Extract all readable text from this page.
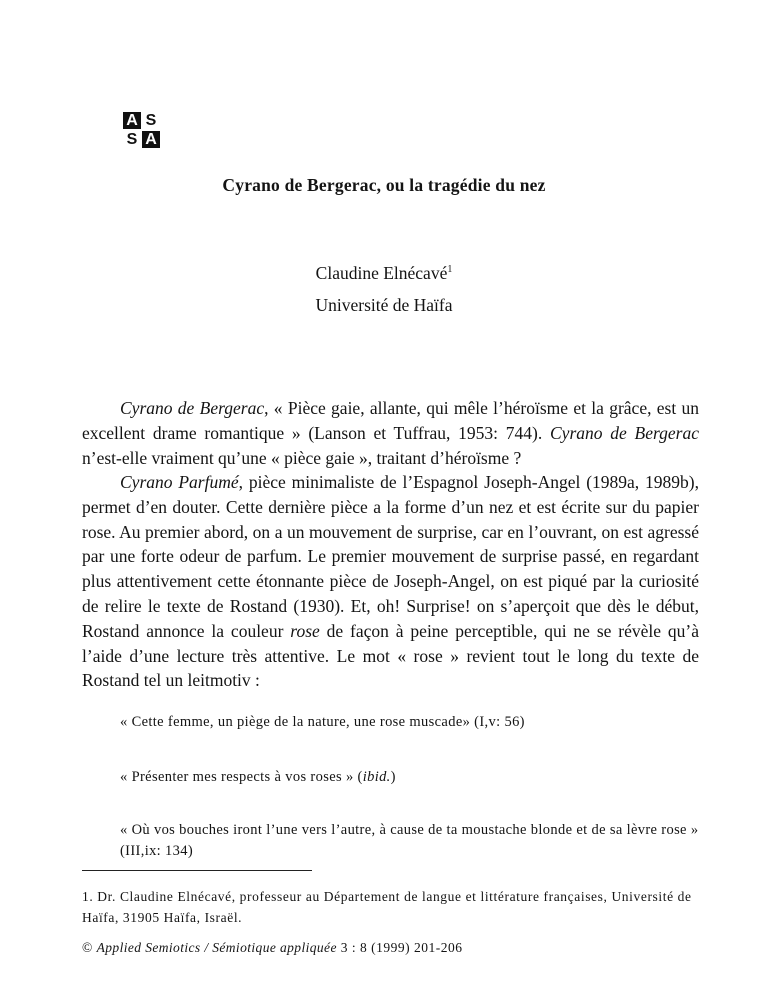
A S
S A
Cyrano de Bergerac, ou la tragédie du nez
Claudine Elnécavé$^1$
Université de Haïfa

Cyrano de Bergerac, « Pièce gaie, allante, qui mêle l’héroïsme et la grâce, est un excellent drame romantique » (Lanson et Tuffrau, 1953: 744). Cyrano de Bergerac n’est-elle vraiment qu’une « pièce gaie », traitant d’héroïsme ?

Cyrano Parfumé, pièce minimaliste de l’Espagnol Joseph-Angel (1989a, 1989b), permet d’en douter. Cette dernière pièce a la forme d’un nez et est écrite sur du papier rose. Au premier abord, on a un mouvement de surprise, car en l’ouvrant, on est agressé par une forte odeur de parfum. Le premier mouvement de surprise passé, en regardant plus attentivement cette étonnante pièce de Joseph-Angel, on est piqué par la curiosité de relire le texte de Rostand (1930). Et, oh! Surprise! on s’aperçoit que dès le début, Rostand annonce la couleur rose de façon à peine perceptible, qui ne se révèle qu’à l’aide d’une lecture très attentive. Le mot « rose » revient tout le long du texte de Rostand tel un leitmotiv :

« Cette femme, un piège de la nature, une rose muscade» (I,v: 56)

« Présenter mes respects à vos roses » (ibid.)

« Où vos bouches iront l’une vers l’autre, à cause de ta moustache blonde et de sa lèvre rose » (III,ix: 134)

1. Dr. Claudine Elnécavé, professeur au Département de langue et littérature françaises, Université de Haïfa, 31905 Haïfa, Israël.

© Applied Semiotics / Sémiotique appliquée 3 : 8 (1999) 201-206
